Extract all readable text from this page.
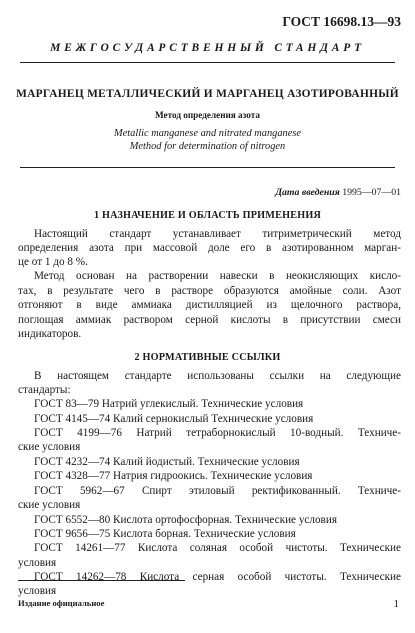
ГОСТ 16698.13—93
МЕЖГОСУДАРСТВЕННЫЙ СТАНДАРТ
МАРГАНЕЦ МЕТАЛЛИЧЕСКИЙ И МАРГАНЕЦ АЗОТИРОВАННЫЙ
Метод определения азота
Metallic manganese and nitrated manganese
Method for determination of nitrogen
Дата введения 1995—07—01
1 НАЗНАЧЕНИЕ И ОБЛАСТЬ ПРИМЕНЕНИЯ
Настоящий стандарт устанавливает титриметрический метод
определения азота при массовой доле его в азотированном марган-
це от 1 до 8 %.
Метод основан на растворении навески в неокисляющих кисло-
тах, в результате чего в растворе образуются амойные соли. Азот
отгоняют в виде аммиака дистилляцией из щелочного раствора,
поглощая аммиак раствором серной кислоты в присутствии смеси
индикаторов.
2 НОРМАТИВНЫЕ ССЫЛКИ
В настоящем стандарте использованы ссылки на следующие
стандарты:
ГОСТ 83—79 Натрий углекислый. Технические условия
ГОСТ 4145—74 Калий сернокислый Технические условия
ГОСТ 4199—76 Натрий тетраборнокислый 10-водный. Техниче-
ские условия
ГОСТ 4232—74 Калий йодистый. Технические условия
ГОСТ 4328—77 Натрия гидроокись. Технические условия
ГОСТ 5962—67 Спирт этиловый ректификованный. Техниче-
ские условия
ГОСТ 6552—80 Кислота ортофосфорная. Технические условия
ГОСТ 9656—75 Кислота борная. Технические условия
ГОСТ 14261—77 Кислота соляная особой чистоты. Технические
условия
ГОСТ 14262—78 Кислота серная особой чистоты. Технические
условия
Издание официальное	1
